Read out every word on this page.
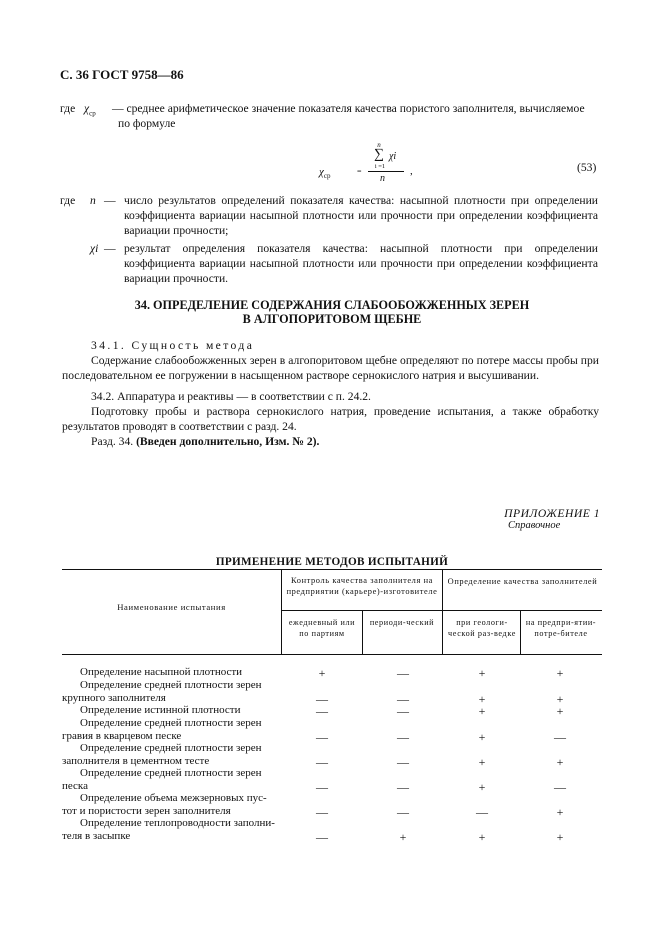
С. 36 ГОСТ 9758—86
где $\chi_{ср}$ — среднее арифметическое значение показателя качества пористого заполнителя, вычисляемое
по формуле
$\chi_{ср}$
=
n
∑ χi
i =1
n
,	(53)
где n — число результатов определений показателя качества: насыпной плотности при определении коэффициента вариации насыпной плотности или прочности при определении коэффициента вариации прочности;
χi — результат определения показателя качества: насыпной плотности при определении коэффициента вариации насыпной плотности или прочности при определении коэффициента вариации прочности.
34. ОПРЕДЕЛЕНИЕ СОДЕРЖАНИЯ СЛАБООБОЖЖЕННЫХ ЗЕРЕН
В АЛГОПОРИТОВОМ ЩЕБНЕ
34.1. Сущность метода
Содержание слабообожженных зерен в алгопоритовом щебне определяют по потере массы пробы при последовательном ее погружении в насыщенном растворе сернокислого натрия и высушивании.
34.2. Аппаратура и реактивы — в соответствии с п. 24.2.
Подготовку пробы и раствора сернокислого натрия, проведение испытания, а также обработку результатов проводят в соответствии с разд. 24.
Разд. 34. (Введен дополнительно, Изм. № 2).
ПРИЛОЖЕНИЕ 1
Справочное
ПРИМЕНЕНИЕ МЕТОДОВ ИСПЫТАНИЙ
Наименование испытания
Контроль качества заполнителя на предприятии (карьере)-изготовителе
Определение качества заполнителей
ежедневный или по партиям
периоди-ческий	при геологи-ческой раз-ведке
на предпри-ятии-потре-бителе
Определение насыпной плотности	+	—	+	+
Определение средней плотности зерен
крупного заполнителя	—	—	+	+
Определение истинной плотности	—	—	+	+
Определение средней плотности зерен
гравия в кварцевом песке	—	—	+	—
Определение средней плотности зерен
заполнителя в цементном тесте	—	—	+	+
Определение средней плотности зерен
песка	—	—	+	—
Определение объема межзерновых пус-
тот и пористости зерен заполнителя	—	—	—	+
Определение теплопроводности заполни-
теля в засыпке	—	+	+	+
